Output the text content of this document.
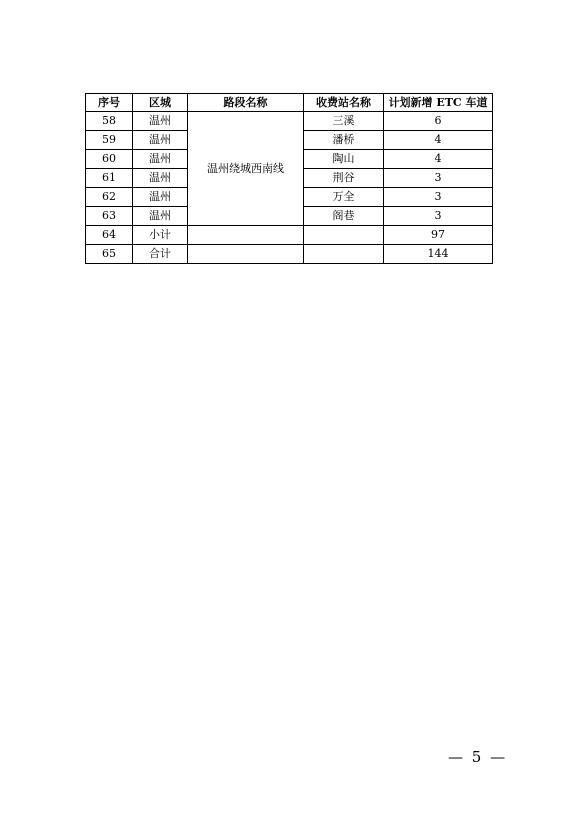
序号	区城	路段名称	收费站名称	计划新增 ETC 车道
58	温州	温州绕城西南线	三溪	6
59	温州		潘桥	4
60	温州		陶山	4
61	温州		荆谷	3
62	温州		万全	3
63	温州		阁巷	3
64	小计			97
65	合计			144
— 5 —
